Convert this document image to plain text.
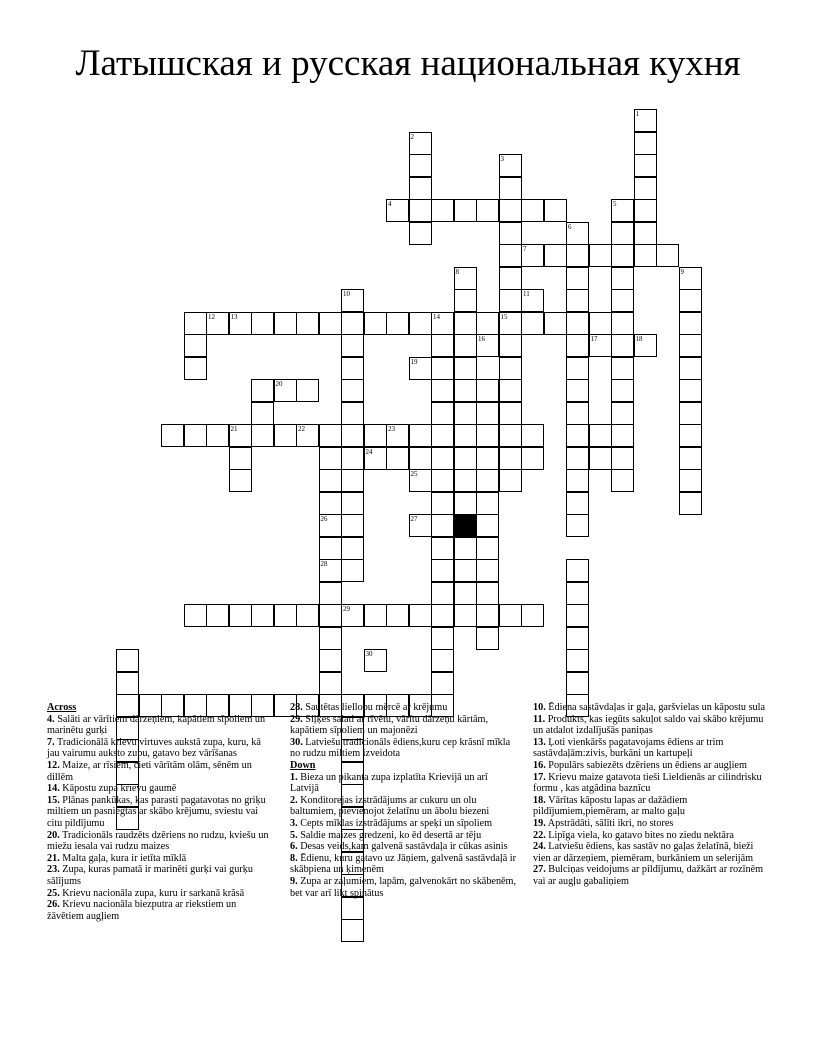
Латышская и русская национальная кухня
1
2
3
4	5
6
7
8	9
10
12 13	14
20
21	23
26
28
11
15
16	17	18
19
22
24
25
27
29
30
Across
4. Salāti ar vārītiem dārzeņiem, kapātiem sīpoliem un marinētu gurķi
7. Tradicionālā krievu virtuves aukstā zupa, kuru, kā jau vairumu auksto zupu, gatavo bez vārīšanas
12. Maize, ar rīsiem, cieti vārītām olām, sēnēm un dillēm
14. Kāpostu zupa krievu gaumē
15. Plānas pankūkas, kas parasti pagatavotas no griķu miltiem un pasniegtas ar skābo krējumu, sviestu vai citu pildījumu
20. Tradicionāls raudzēts dzēriens no rudzu, kviešu un miežu iesala vai rudzu maizes
21. Malta gaļa, kura ir ietīta mīklā
23. Zupa, kuras pamatā ir marinēti gurķi vai gurķu sālījums
25. Krievu nacionāla zupa, kuru ir sarkanā krāsā
26. Krievu nacionāla biezputra ar riekstiem un žāvētiem augļiem
28. Sautētas liellopu mērcē ar krējumu
29. Siļķes salati ar rīvētu, vārītu dārzeņu kārtām, kapātiem sīpoliem un majonēzi
30. Latviešu tradicionāls ēdiens,kuru cep krāsnī mīkla no rudzu miltiem izveidota
Down
1. Bieza un pikanta zupa izplatīta Krievijā un arī Latvijā
2. Konditorejas izstrādājums ar cukuru un olu baltumiem, pievienojot želatīnu un ābolu biezeni
3. Cepts mīklas izstrādājums ar speķi un sīpoliem
5. Saldie maizes gredzeni, ko ēd desertā ar tēju
6. Desas veids,kam galvenā sastāvdaļa ir cūkas asinis
8. Ēdienu, kuru gatavo uz Jāņiem, galvenā sastāvdaļā ir skābpiena un ķimenēm
9. Zupa ar zaļumiem, lapām, galvenokārt no skābenēm, bet var arī likt spinātus
10. Ēdiena sastāvdaļas ir gaļa, garšvielas un kāpostu sula
11. Produkts, kas iegūts sakuļot saldo vai skābo krējumu un atdalot izdalījušās paniņas
13. Ļoti vienkāršs pagatavojams ēdiens ar trim sastāvdaļām:zivis, burkāni un kartupeļi
16. Populārs sabiezēts dzēriens un ēdiens ar augļiem
17. Krievu maize gatavota tieši Lieldienās ar cilindrisku formu , kas atgādina baznīcu
18. Vārītas kāpostu lapas ar dažādiem pildījumiem,piemēram, ar malto gaļu
19. Apstrādāti, sālīti ikri, no stores
22. Lipīga viela, ko gatavo bites no ziedu nektāra
24. Latviešu ēdiens, kas sastāv no gaļas želatīnā, bieži vien ar dārzeņiem, piemēram, burkāniem un selerijām
27. Bulciņas veidojums ar pildījumu, dažkārt ar rozīnēm vai ar augļu gabaliņiem
